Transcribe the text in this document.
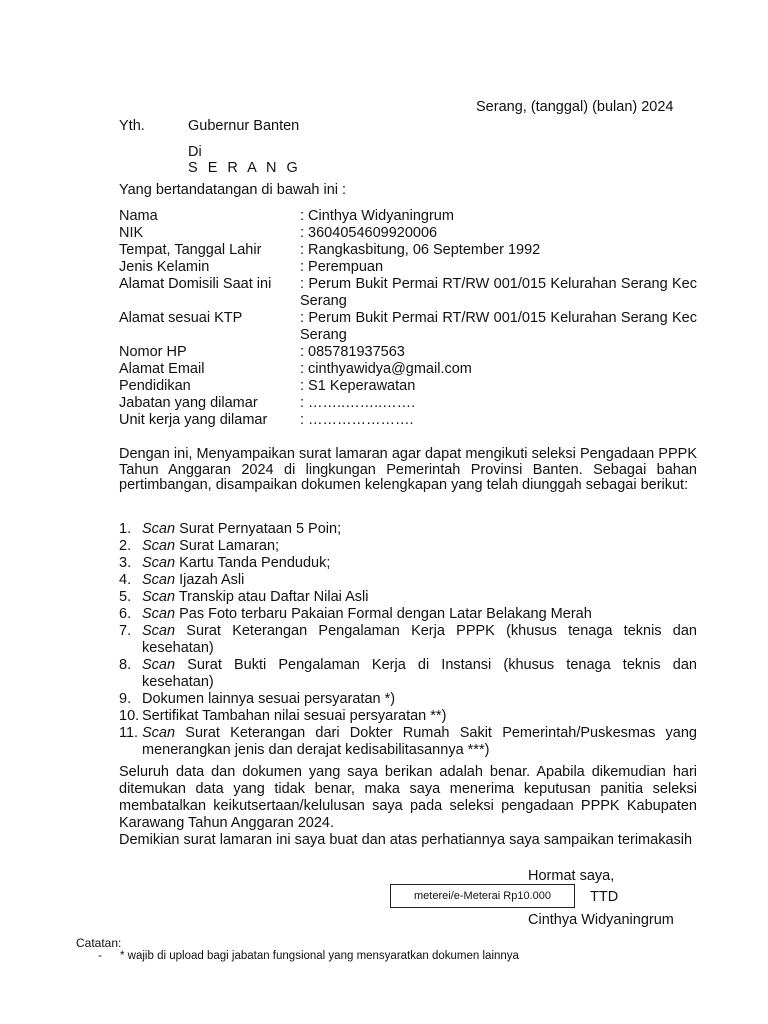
Serang, (tanggal) (bulan) 2024
Yth.	Gubernur Banten
Di
S E R A N G
Yang bertandatangan di bawah ini :
Nama	: Cinthya Widyaningrum
NIK	: 3604054609920006
Tempat, Tanggal Lahir	: Rangkasbitung, 06 September 1992
Jenis Kelamin	: Perempuan
Alamat Domisili Saat ini	: Perum Bukit Permai RT/RW 001/015 Kelurahan Serang Kec Serang
Alamat sesuai KTP	: Perum Bukit Permai RT/RW 001/015 Kelurahan Serang Kec Serang
Nomor HP	: 085781937563
Alamat Email	: cinthyawidya@gmail.com
Pendidikan	: S1 Keperawatan
Jabatan yang dilamar	: ……..……..…….
Unit kerja yang dilamar	: ………………….
Dengan ini, Menyampaikan surat lamaran agar dapat mengikuti seleksi Pengadaan PPPK Tahun Anggaran 2024 di lingkungan Pemerintah Provinsi Banten. Sebagai bahan pertimbangan, disampaikan dokumen kelengkapan yang telah diunggah sebagai berikut:
1. Scan Surat Pernyataan 5 Poin;
2. Scan Surat Lamaran;
3. Scan Kartu Tanda Penduduk;
4. Scan Ijazah Asli
5. Scan Transkip atau Daftar Nilai Asli
6. Scan Pas Foto terbaru Pakaian Formal dengan Latar Belakang Merah
7. Scan Surat Keterangan Pengalaman Kerja PPPK (khusus tenaga teknis dan
kesehatan)
8. Scan Surat Bukti Pengalaman Kerja di Instansi (khusus tenaga teknis dan
kesehatan)
9. Dokumen lainnya sesuai persyaratan *)
10. Sertifikat Tambahan nilai sesuai persyaratan **)
11. Scan Surat Keterangan dari Dokter Rumah Sakit Pemerintah/Puskesmas yang
menerangkan jenis dan derajat kedisabilitasannya ***)
Seluruh data dan dokumen yang saya berikan adalah benar. Apabila dikemudian hari ditemukan data yang tidak benar, maka saya menerima keputusan panitia seleksi membatalkan keikutsertaan/kelulusan saya pada seleksi pengadaan PPPK Kabupaten Karawang Tahun Anggaran 2024.
Demikian surat lamaran ini saya buat dan atas perhatiannya saya sampaikan terimakasih
Hormat saya,
meterei/e-Meterai Rp10.000	TTD
Cinthya Widyaningrum
Catatan:
- * wajib di upload bagi jabatan fungsional yang mensyaratkan dokumen lainnya
